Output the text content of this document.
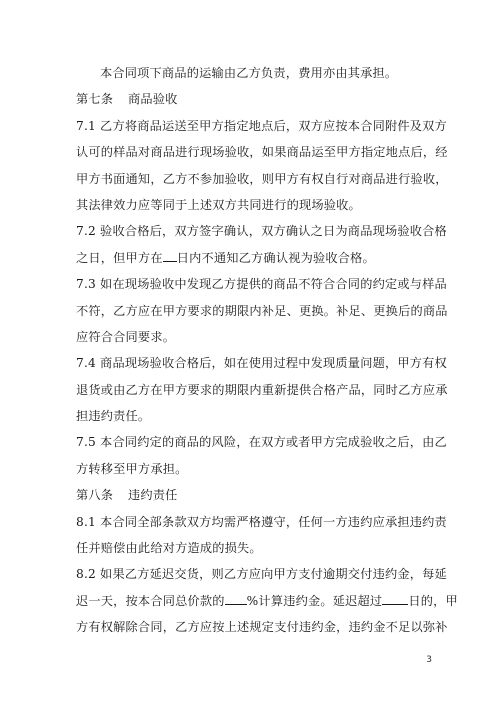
本合同项下商品的运输由乙方负责，费用亦由其承担。
第七条 商品验收
7.1 乙方将商品运送至甲方指定地点后，双方应按本合同附件及双方
认可的样品对商品进行现场验收，如果商品运至甲方指定地点后，经
甲方书面通知，乙方不参加验收，则甲方有权自行对商品进行验收，
其法律效力应等同于上述双方共同进行的现场验收。
7.2 验收合格后，双方签字确认，双方确认之日为商品现场验收合格
之日，但甲方在 日内不通知乙方确认视为验收合格。
7.3 如在现场验收中发现乙方提供的商品不符合合同的约定或与样品
不符，乙方应在甲方要求的期限内补足、更换。补足、更换后的商品
应符合合同要求。
7.4 商品现场验收合格后，如在使用过程中发现质量问题，甲方有权
退货或由乙方在甲方要求的期限内重新提供合格产品，同时乙方应承
担违约责任。
7.5 本合同约定的商品的风险，在双方或者甲方完成验收之后，由乙
方转移至甲方承担。
第八条 违约责任
8.1 本合同全部条款双方均需严格遵守，任何一方违约应承担违约责
任并赔偿由此给对方造成的损失。
8.2 如果乙方延迟交货，则乙方应向甲方支付逾期交付违约金，每延
迟一天，按本合同总价款的 %计算违约金。延迟超过 日的，甲
方有权解除合同，乙方应按上述规定支付违约金，违约金不足以弥补
3
